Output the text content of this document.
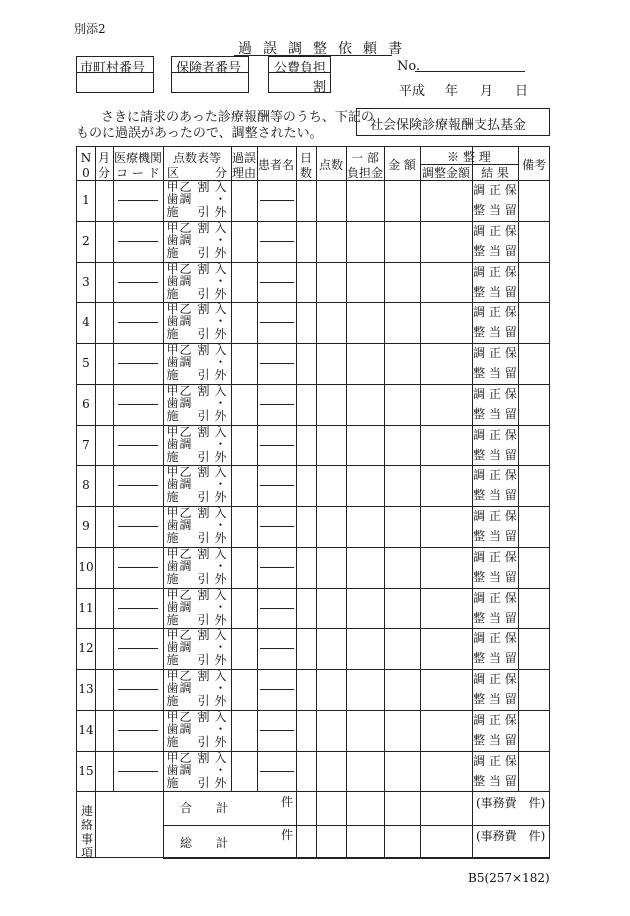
別添2
過誤調整依頼書
市町村番号 保険者番号	公費負担
割
No.
平成 年 月 日
さきに請求のあった診療報酬等のうち、下記の
ものに過誤があったので、調整されたい。
社会保険診療報酬支払基金
N
0
月
分
医療機関
コ ー ド
点数表等
区	分
過誤
理由
患者名 日
数
点数 一 部
負担金
金 額
※ 整 理
調整金額 結 果
備考
連絡事項
合　　計
総　　計
件
件
(事務費　件)
(事務費　件)
B5(257×182)
1
甲 乙 割 入
歯 調 ・
施 引 外
調 正 保
整 当 留
2
甲 乙 割 入
歯 調 ・
施 引 外
調 正 保
整 当 留
3
甲 乙 割 入
歯 調 ・
施 引 外
調 正 保
整 当 留
4
甲 乙 割 入
歯 調 ・
施 引 外
調 正 保
整 当 留
5
甲 乙 割 入
歯 調 ・
施 引 外
調 正 保
整 当 留
6
甲 乙 割 入
歯 調 ・
施 引 外
調 正 保
整 当 留
7
甲 乙 割 入
歯 調 ・
施 引 外
調 正 保
整 当 留
8
甲 乙 割 入
歯 調 ・
施 引 外
調 正 保
整 当 留
9
甲 乙 割 入
歯 調 ・
施 引 外
調 正 保
整 当 留
10
甲 乙 割 入
歯 調 ・
施 引 外
調 正 保
整 当 留
11
甲 乙 割 入
歯 調 ・
施 引 外
調 正 保
整 当 留
12
甲 乙 割 入
歯 調 ・
施 引 外
調 正 保
整 当 留
13
甲 乙 割 入
歯 調 ・
施 引 外
調 正 保
整 当 留
14
甲 乙 割 入
歯 調 ・
施 引 外
調 正 保
整 当 留
15
甲 乙 割 入
歯 調 ・
施 引 外
調 正 保
整 当 留
